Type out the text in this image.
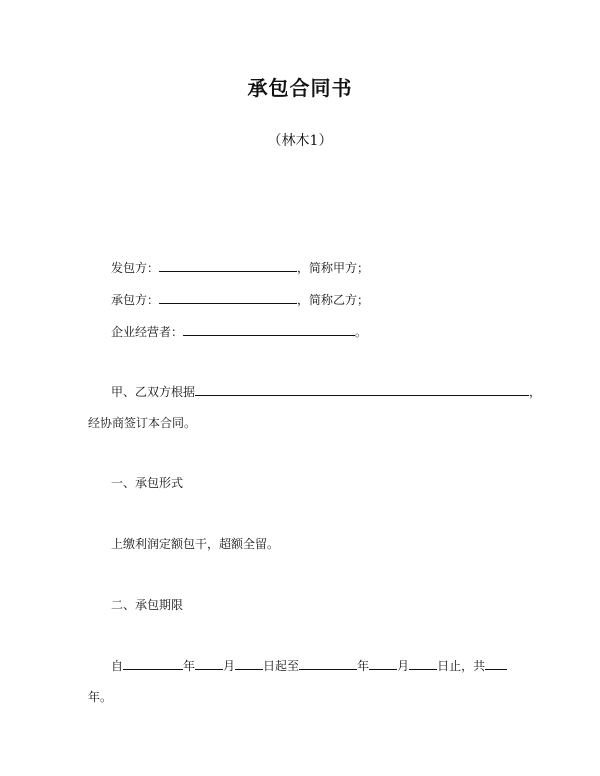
承包合同书
（林木1）
发包方：	，简称甲方；
承包方：	，简称乙方；
企业经营者：	。
甲、乙双方根据	，
经协商签订本合同。
一、承包形式
上缴利润定额包干，超额全留。
二、承包期限
自	年 月 日起至	年 月 日止，共
年。
